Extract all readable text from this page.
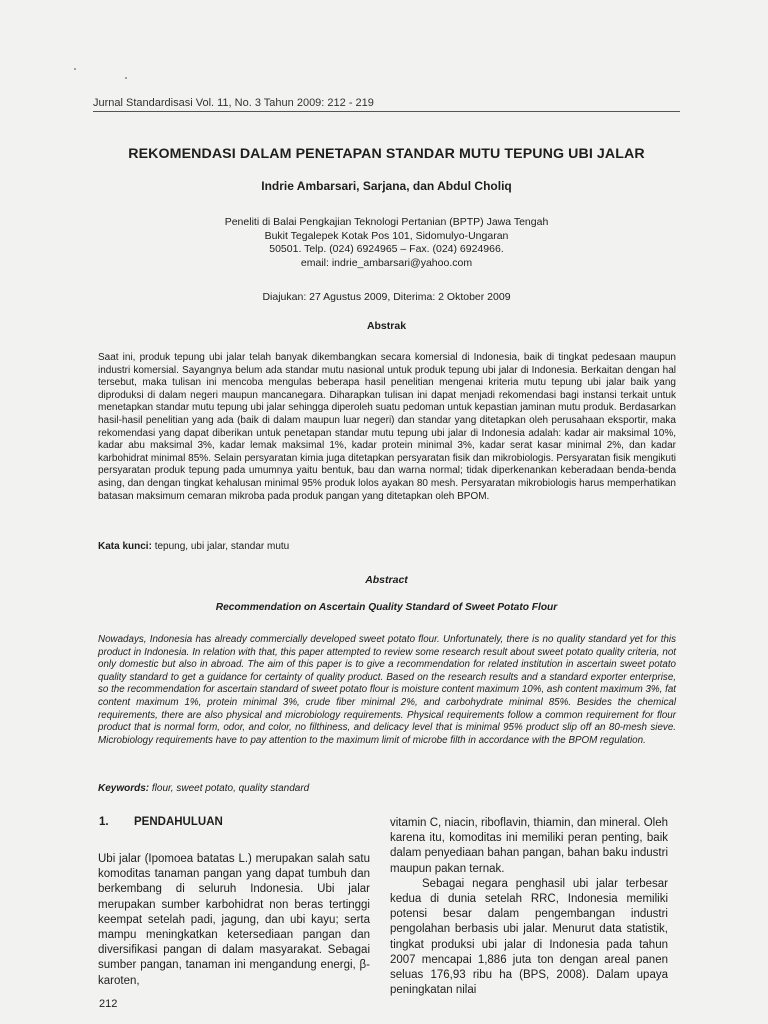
Jurnal Standardisasi Vol. 11, No. 3 Tahun 2009: 212 - 219
REKOMENDASI DALAM PENETAPAN STANDAR MUTU TEPUNG UBI JALAR
Indrie Ambarsari, Sarjana, dan Abdul Choliq
Peneliti di Balai Pengkajian Teknologi Pertanian (BPTP) Jawa Tengah
Bukit Tegalepek Kotak Pos 101, Sidomulyo-Ungaran
50501. Telp. (024) 6924965 – Fax. (024) 6924966.
email: indrie_ambarsari@yahoo.com
Diajukan: 27 Agustus 2009, Diterima: 2 Oktober 2009
Abstrak
Saat ini, produk tepung ubi jalar telah banyak dikembangkan secara komersial di Indonesia, baik di tingkat pedesaan maupun industri komersial. Sayangnya belum ada standar mutu nasional untuk produk tepung ubi jalar di Indonesia. Berkaitan dengan hal tersebut, maka tulisan ini mencoba mengulas beberapa hasil penelitian mengenai kriteria mutu tepung ubi jalar baik yang diproduksi di dalam negeri maupun mancanegara. Diharapkan tulisan ini dapat menjadi rekomendasi bagi instansi terkait untuk menetapkan standar mutu tepung ubi jalar sehingga diperoleh suatu pedoman untuk kepastian jaminan mutu produk. Berdasarkan hasil-hasil penelitian yang ada (baik di dalam maupun luar negeri) dan standar yang ditetapkan oleh perusahaan eksportir, maka rekomendasi yang dapat diberikan untuk penetapan standar mutu tepung ubi jalar di Indonesia adalah: kadar air maksimal 10%, kadar abu maksimal 3%, kadar lemak maksimal 1%, kadar protein minimal 3%, kadar serat kasar minimal 2%, dan kadar karbohidrat minimal 85%. Selain persyaratan kimia juga ditetapkan persyaratan fisik dan mikrobiologis. Persyaratan fisik mengikuti persyaratan produk tepung pada umumnya yaitu bentuk, bau dan warna normal; tidak diperkenankan keberadaan benda-benda asing, dan dengan tingkat kehalusan minimal 95% produk lolos ayakan 80 mesh. Persyaratan mikrobiologis harus memperhatikan batasan maksimum cemaran mikroba pada produk pangan yang ditetapkan oleh BPOM.
Kata kunci: tepung, ubi jalar, standar mutu
Abstract
Recommendation on Ascertain Quality Standard of Sweet Potato Flour
Nowadays, Indonesia has already commercially developed sweet potato flour. Unfortunately, there is no quality standard yet for this product in Indonesia. In relation with that, this paper attempted to review some research result about sweet potato quality criteria, not only domestic but also in abroad. The aim of this paper is to give a recommendation for related institution in ascertain sweet potato quality standard to get a guidance for certainty of quality product. Based on the research results and a standard exporter enterprise, so the recommendation for ascertain standard of sweet potato flour is moisture content maximum 10%, ash content maximum 3%, fat content maximum 1%, protein minimal 3%, crude fiber minimal 2%, and carbohydrate minimal 85%. Besides the chemical requirements, there are also physical and microbiology requirements. Physical requirements follow a common requirement for flour product that is normal form, odor, and color, no filthiness, and delicacy level that is minimal 95% product slip off an 80-mesh sieve. Microbiology requirements have to pay attention to the maximum limit of microbe filth in accordance with the BPOM regulation.
Keywords: flour, sweet potato, quality standard
1. PENDAHULUAN

Ubi jalar (Ipomoea batatas L.) merupakan salah satu komoditas tanaman pangan yang dapat tumbuh dan berkembang di seluruh Indonesia. Ubi jalar merupakan sumber karbohidrat non beras tertinggi keempat setelah padi, jagung, dan ubi kayu; serta mampu meningkatkan ketersediaan pangan dan diversifikasi pangan di dalam masyarakat. Sebagai sumber pangan, tanaman ini mengandung energi, β-karoten,

vitamin C, niacin, riboflavin, thiamin, dan mineral. Oleh karena itu, komoditas ini memiliki peran penting, baik dalam penyediaan bahan pangan, bahan baku industri maupun pakan ternak.

Sebagai negara penghasil ubi jalar terbesar kedua di dunia setelah RRC, Indonesia memiliki potensi besar dalam pengembangan industri pengolahan berbasis ubi jalar. Menurut data statistik, tingkat produksi ubi jalar di Indonesia pada tahun 2007 mencapai 1,886 juta ton dengan areal panen seluas 176,93 ribu ha (BPS, 2008). Dalam upaya peningkatan nilai

212
